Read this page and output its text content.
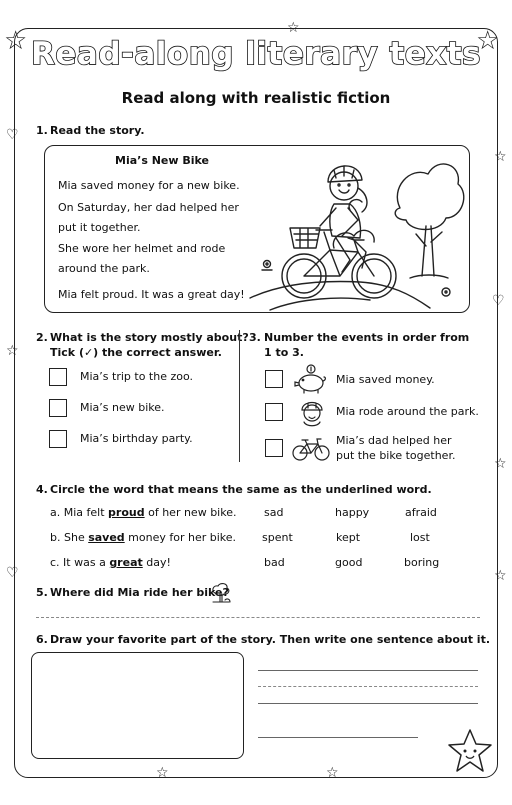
☆	☆
☆
☆	☆
♡
☆
♡
☆
♡
☆
☆
Read-along literary texts
Read along with realistic fiction
1. Read the story.
Mia’s New Bike
Mia saved money for a new bike.
On Saturday, her dad helped her
put it together.
She wore her helmet and rode
around the park.
Mia felt proud. It was a great day!
2. What is the story mostly about?
Tick (✓) the correct answer.
Mia’s trip to the zoo.
Mia’s new bike.
Mia’s birthday party.
3. Number the events in order from
1 to 3.
Mia saved money.
Mia rode around the park.
Mia’s dad helped her
put the bike together.
4. Circle the word that means the same as the underlined word.
a. Mia felt proud of her new bike.	sad	happy	afraid
b. She saved money for her bike. spent	kept	lost
c. It was a great day!	bad	good	boring
5. Where did Mia ride her bike?
6. Draw your favorite part of the story. Then write one sentence about it.
